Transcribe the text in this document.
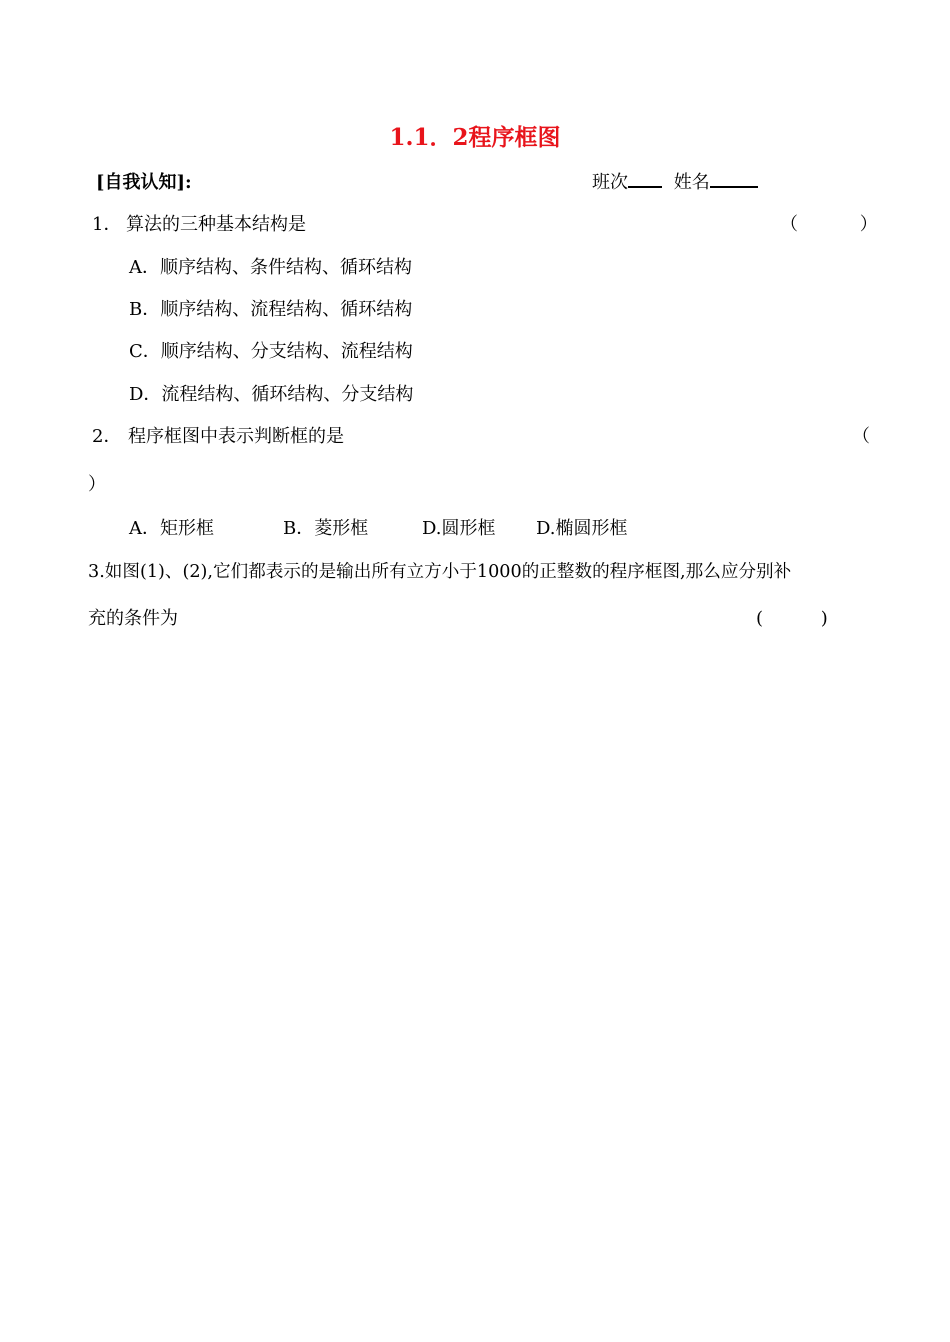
1.1．2程序框图
[自我认知]:	班次	姓名
1． 算法的三种基本结构是	（ ）
A．顺序结构、条件结构、循环结构
B．顺序结构、流程结构、循环结构
C．顺序结构、分支结构、流程结构
D．流程结构、循环结构、分支结构
2． 程序框图中表示判断框的是	（
）
A．矩形框	B．菱形框	D.圆形框 D.椭圆形框
3.如图(1)、(2),它们都表示的是输出所有立方小于1000的正整数的程序框图,那么应分别补
充的条件为	( )
